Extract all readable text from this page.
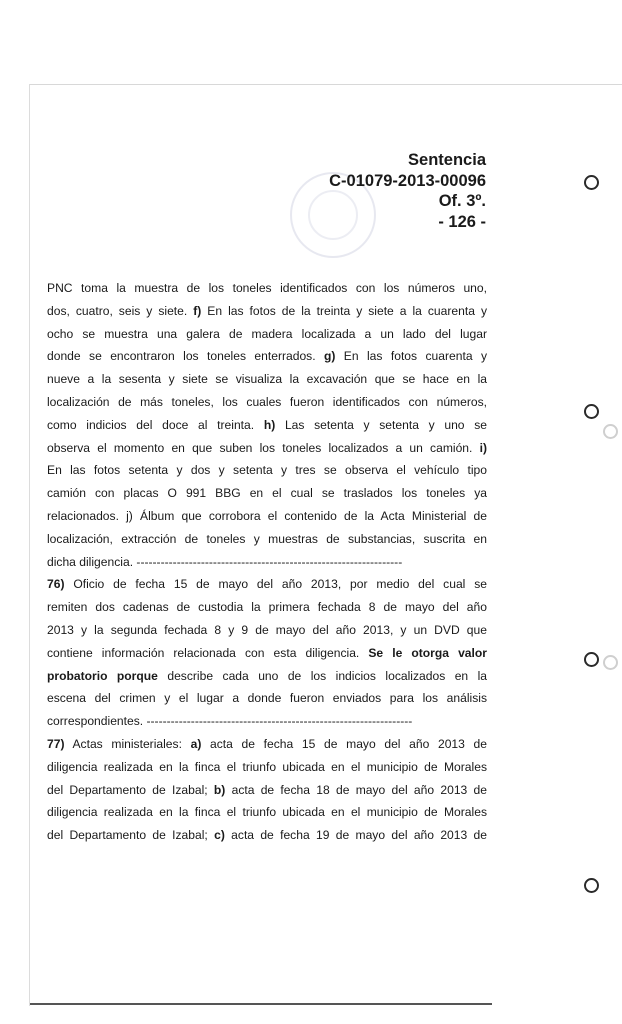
Sentencia
C-01079-2013-00096
Of. 3º.
- 126 -
PNC toma la muestra de los toneles identificados con los números uno,
dos, cuatro, seis y siete. f) En las fotos de la treinta y siete a la cuarenta y
ocho se muestra una galera de madera localizada a un lado del lugar
donde se encontraron los toneles enterrados. g) En las fotos cuarenta y
nueve a la sesenta y siete se visualiza la excavación que se hace en la
localización de más toneles, los cuales fueron identificados con números,
como indicios del doce al treinta. h) Las setenta y setenta y uno se
observa el momento en que suben los toneles localizados a un camión. i)
En las fotos setenta y dos y setenta y tres se observa el vehículo tipo
camión con placas O 991 BBG en el cual se traslados los toneles ya
relacionados. j) Álbum que corrobora el contenido de la Acta Ministerial de
localización, extracción de toneles y muestras de substancias, suscrita en
dicha diligencia. ------------------------------------------------------------------
76) Oficio de fecha 15 de mayo del año 2013, por medio del cual se
remiten dos cadenas de custodia la primera fechada 8 de mayo del año
2013 y la segunda fechada 8 y 9 de mayo del año 2013, y un DVD que
contiene información relacionada con esta diligencia. Se le otorga valor
probatorio porque describe cada uno de los indicios localizados en la
escena del crimen y el lugar a donde fueron enviados para los análisis
correspondientes. ------------------------------------------------------------------
77) Actas ministeriales: a) acta de fecha 15 de mayo del año 2013 de
diligencia realizada en la finca el triunfo ubicada en el municipio de Morales
del Departamento de Izabal; b) acta de fecha 18 de mayo del año 2013 de
diligencia realizada en la finca el triunfo ubicada en el municipio de Morales
del Departamento de Izabal; c) acta de fecha 19 de mayo del año 2013 de
